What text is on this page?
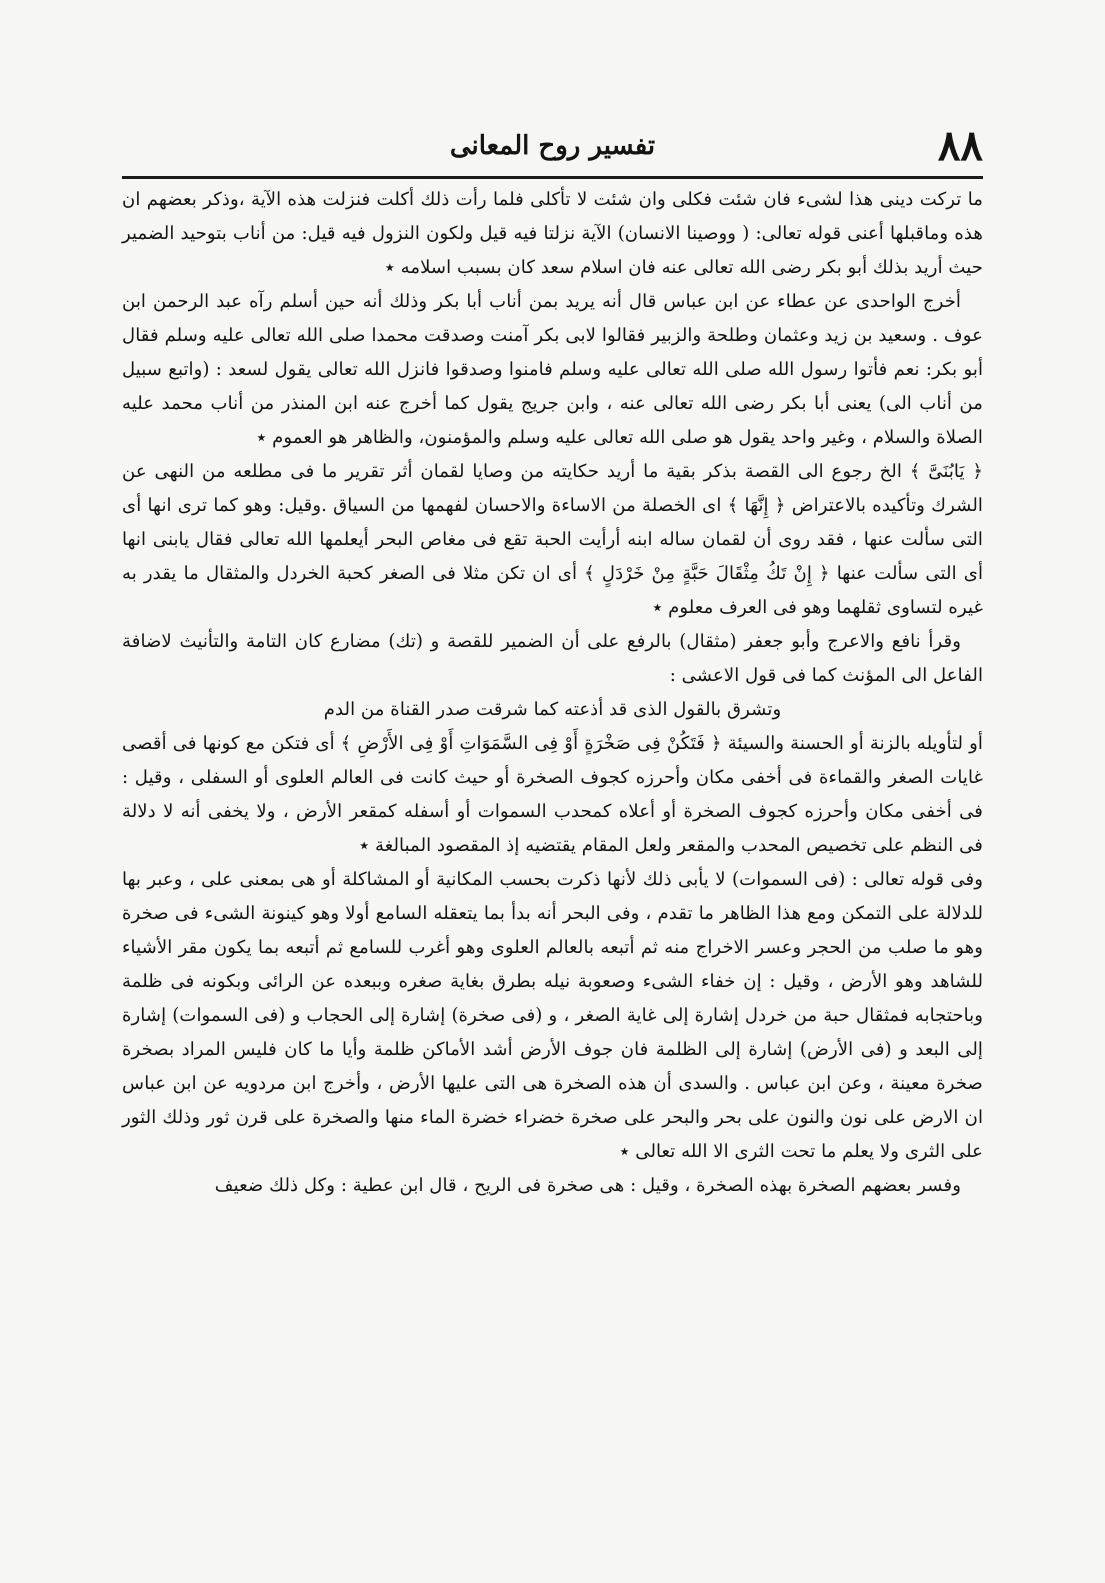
٨٨
تفسير روح المعانى

ما تركت دينى هذا لشىء فان شئت فكلى وان شئت لا تأكلى فلما رأت ذلك أكلت فنزلت هذه الآية ،وذكر بعضهم ان هذه وماقبلها أعنى قوله تعالى: ( ووصينا الانسان) الآية نزلتا فيه قيل ولكون النزول فيه قيل: من أناب بتوحيد الضمير حيث أريد بذلك أبو بكر رضى الله تعالى عنه فان اسلام سعد كان بسبب اسلامه ٭

أخرج الواحدى عن عطاء عن ابن عباس قال أنه يريد بمن أناب أبا بكر وذلك أنه حين أسلم رآه عبد الرحمن ابن عوف . وسعيد بن زيد وعثمان وطلحة والزبير فقالوا لابى بكر آمنت وصدقت محمدا صلى الله تعالى عليه وسلم فقال أبو بكر: نعم فأتوا رسول الله صلى الله تعالى عليه وسلم فامنوا وصدقوا فانزل الله تعالى يقول لسعد : (واتبع سبيل من أناب الى) يعنى أبا بكر رضى الله تعالى عنه ، وابن جريج يقول كما أخرج عنه ابن المنذر من أناب محمد عليه الصلاة والسلام ، وغير واحد يقول هو صلى الله تعالى عليه وسلم والمؤمنون، والظاهر هو العموم ٭

﴿ يَابُنَىَّ ﴾ الخ رجوع الى القصة بذكر بقية ما أريد حكايته من وصايا لقمان أثر تقرير ما فى مطلعه من النهى عن الشرك وتأكيده بالاعتراض ﴿ إِنَّهَا ﴾ اى الخصلة من الاساءة والاحسان لفهمها من السياق .وقيل: وهو كما ترى انها أى التى سألت عنها ، فقد روى أن لقمان ساله ابنه أرأيت الحبة تقع فى مغاص البحر أيعلمها الله تعالى فقال يابنى انها أى التى سألت عنها ﴿ إِنْ تَكُ مِثْقَالَ حَبَّةٍ مِنْ خَرْدَلٍ ﴾ أى ان تكن مثلا فى الصغر كحبة الخردل والمثقال ما يقدر به غيره لتساوى ثقلهما وهو فى العرف معلوم ٭

وقرأ نافع والاعرج وأبو جعفر (مثقال) بالرفع على أن الضمير للقصة و (تك) مضارع كان التامة والتأنيث لاضافة الفاعل الى المؤنث كما فى قول الاعشى :

وتشرق بالقول الذى قد أذعته كما شرقت صدر القناة من الدم

أو لتأويله بالزنة أو الحسنة والسيئة ﴿ فَتَكُنْ فِى صَخْرَةٍ أَوْ فِى السَّمَوَاتِ أَوْ فِى الأَرْضِ ﴾ أى فتكن مع كونها فى أقصى غايات الصغر والقماءة فى أخفى مكان وأحرزه كجوف الصخرة أو حيث كانت فى العالم العلوى أو السفلى ، وقيل : فى أخفى مكان وأحرزه كجوف الصخرة أو أعلاه كمحدب السموات أو أسفله كمقعر الأرض ، ولا يخفى أنه لا دلالة فى النظم على تخصيص المحدب والمقعر ولعل المقام يقتضيه إذ المقصود المبالغة ٭

وفى قوله تعالى : (فى السموات) لا يأبى ذلك لأنها ذكرت بحسب المكانية أو المشاكلة أو هى بمعنى على ، وعبر بها للدلالة على التمكن ومع هذا الظاهر ما تقدم ، وفى البحر أنه بدأ بما يتعقله السامع أولا وهو كينونة الشىء فى صخرة وهو ما صلب من الحجر وعسر الاخراج منه ثم أتبعه بالعالم العلوى وهو أغرب للسامع ثم أتبعه بما يكون مقر الأشياء للشاهد وهو الأرض ، وقيل : إن خفاء الشىء وصعوبة نيله بطرق بغاية صغره وببعده عن الرائى وبكونه فى ظلمة وباحتجابه فمثقال حبة من خردل إشارة إلى غاية الصغر ، و (فى صخرة) إشارة إلى الحجاب و (فى السموات) إشارة إلى البعد و (فى الأرض) إشارة إلى الظلمة فان جوف الأرض أشد الأماكن ظلمة وأيا ما كان فليس المراد بصخرة صخرة معينة ، وعن ابن عباس . والسدى أن هذه الصخرة هى التى عليها الأرض ، وأخرج ابن مردويه عن ابن عباس ان الارض على نون والنون على بحر والبحر على صخرة خضراء خضرة الماء منها والصخرة على قرن ثور وذلك الثور على الثرى ولا يعلم ما تحت الثرى الا الله تعالى ٭

وفسر بعضهم الصخرة بهذه الصخرة ، وقيل : هى صخرة فى الريح ، قال ابن عطية : وكل ذلك ضعيف
